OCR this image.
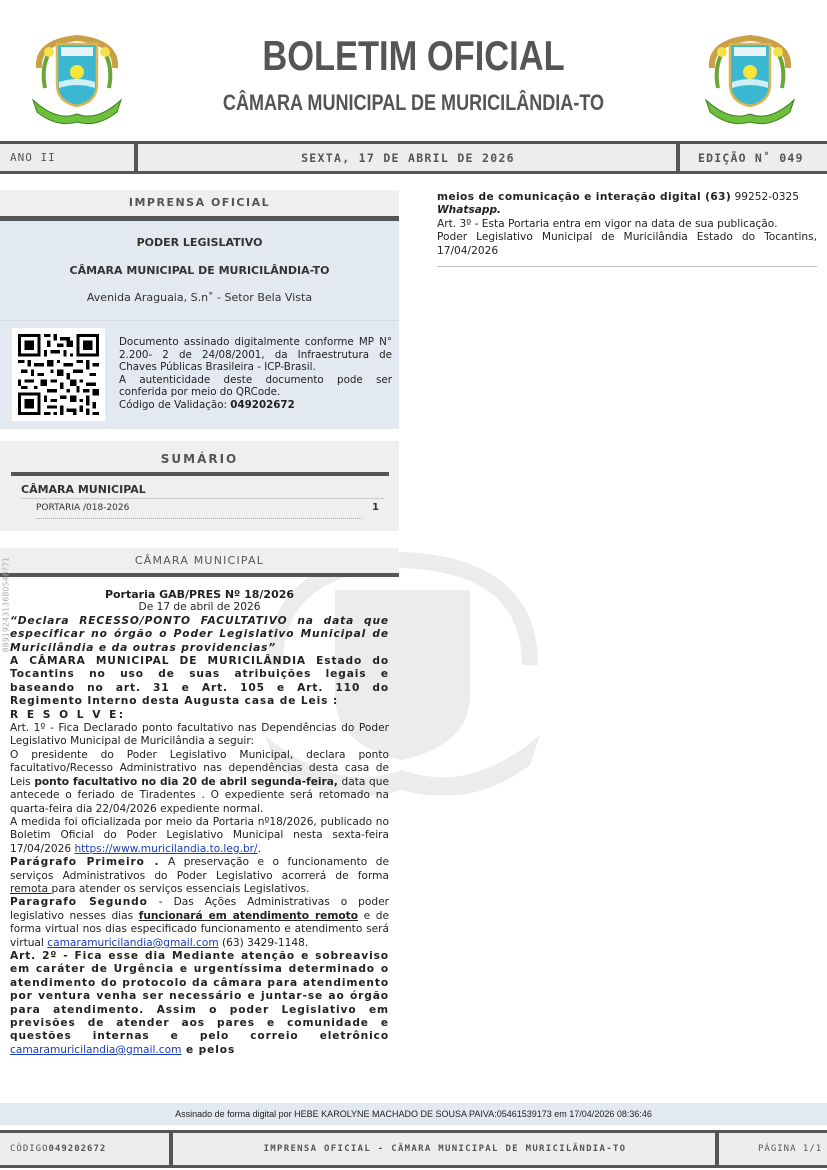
BOLETIM OFICIAL
CÂMARA MUNICIPAL DE MURICILÂNDIA-TO
ANO II	SEXTA, 17 DE ABRIL DE 2026	EDIÇÃO N˚ 049
IMPRENSA OFICIAL
PODER LEGISLATIVO
CÂMARA MUNICIPAL DE MURICILÂNDIA-TO
Avenida Araguaia, S.n˚ - Setor Bela Vista
Documento assinado digitalmente conforme MP N° 2.200- 2 de 24/08/2001, da Infraestrutura de Chaves Públicas Brasileira - ICP-Brasil.
A autenticidade deste documento pode ser conferida por meio do QRCode.
Código de Validação: 049202672
SUMÁRIO
CÂMARA MUNICIPAL
PORTARIA /018-2026	1
CÂMARA MUNICIPAL
8891924313680548?71	Portaria GAB/PRES Nº 18/2026

De 17 de abril de 2026

“Declara RECESSO/PONTO FACULTATIVO na data que especificar no órgão o Poder Legislativo Municipal de Muricilândia e da outras providencias”

A CÂMARA MUNICIPAL DE MURICILÂNDIA Estado do Tocantins no uso de suas atribuições legais e baseando no art. 31 e Art. 105 e Art. 110 do Regimento Interno desta Augusta casa de Leis :

R E S O L V E:

Art. 1º - Fica Declarado ponto facultativo nas Dependências do Poder Legislativo Municipal de Muricilândia a seguir:

O presidente do Poder Legislativo Municipal, declara ponto facultativo/Recesso Administrativo nas dependências desta casa de Leis ponto facultativo no dia 20 de abril segunda-feira, data que antecede o feriado de Tiradentes . O expediente será retomado na quarta-feira dia 22/04/2026 expediente normal.

A medida foi oficializada por meio da Portaria nº18/2026, publicado no Boletim Oficial do Poder Legislativo Municipal nesta sexta-feira 17/04/2026 https://www.muricilandia.to.leg.br/.

Parágrafo Primeiro . A preservação e o funcionamento de serviços Administrativos do Poder Legislativo acorrerá de forma remota para atender os serviços essenciais Legislativos.

Paragrafo Segundo - Das Ações Administrativas o poder legislativo nesses dias funcionará em atendimento remoto e de forma virtual nos dias especificado funcionamento e atendimento será virtual camaramuricilandia@gmail.com (63) 3429-1148.

Art. 2º - Fica esse dia Mediante atenção e sobreaviso em caráter de Urgência e urgentíssima determinado o atendimento do protocolo da câmara para atendimento por ventura venha ser necessário e juntar-se ao órgão para atendimento. Assim o poder Legislativo em previsões de atender aos pares e comunidade e questões internas e pelo correio eletrônico camaramuricilandia@gmail.com e pelos

meios de comunicação e interação digital (63) 99252-0325
Whatsapp.

Art. 3º - Esta Portaria entra em vigor na data de sua publicação.

Poder Legislativo Municipal de Muricilândia Estado do Tocantins, 17/04/2026

Assinado de forma digital por HEBE KAROLYNE MACHADO DE SOUSA PAIVA:05461539173 em 17/04/2026 08:36:46
CÓDIGO 049202672	IMPRENSA OFICIAL - CÂMARA MUNICIPAL DE MURICILÂNDIA-TO	PÁGINA 1/1
